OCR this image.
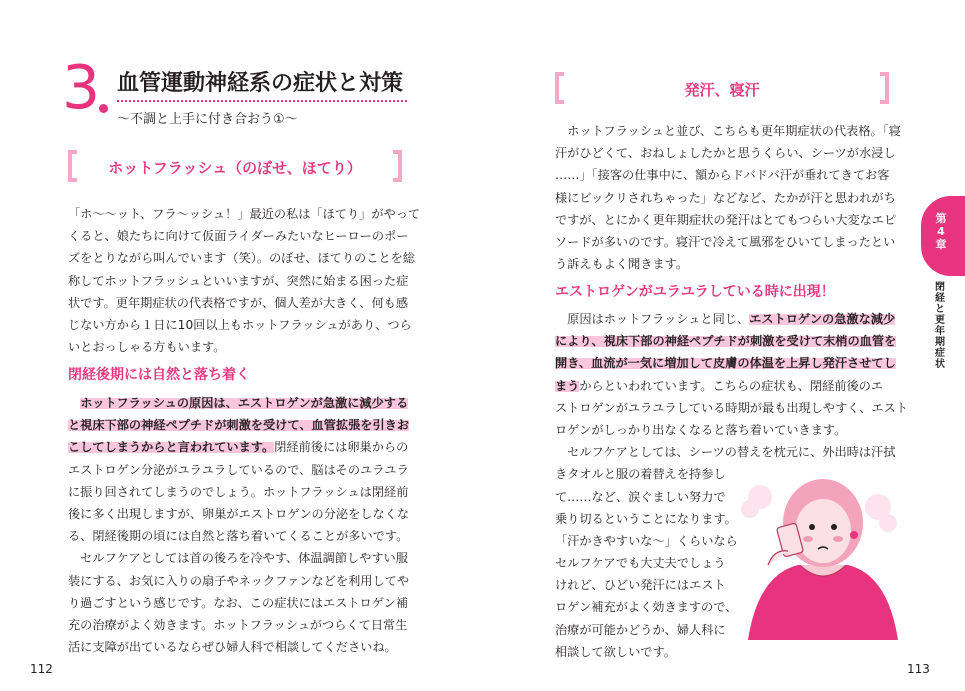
3 血管運動神経系の症状と対策
〜不調と上手に付き合おう①〜
ホットフラッシュ（のぼせ、ほてり）
「ホ〜〜ット、フラ〜ッシュ！」最近の私は「ほてり」がやって
くると、娘たちに向けて仮面ライダーみたいなヒーローのポー
ズをとりながら叫んでいます（笑）。のぼせ、ほてりのことを総
称してホットフラッシュといいますが、突然に始まる困った症
状です。更年期症状の代表格ですが、個人差が大きく、何も感
じない方から１日に10回以上もホットフラッシュがあり、つら
いとおっしゃる方もいます。
閉経後期には自然と落ち着く
　ホットフラッシュの原因は、エストロゲンが急激に減少する
と視床下部の神経ペプチドが刺激を受けて、血管拡張を引きお
こしてしまうからと言われています。閉経前後には卵巣からの
エストロゲン分泌がユラユラしているので、脳はそのユラユラ
に振り回されてしまうのでしょう。ホットフラッシュは閉経前
後に多く出現しますが、卵巣がエストロゲンの分泌をしなくな
る、閉経後期の頃には自然と落ち着いてくることが多いです。
　セルフケアとしては首の後ろを冷やす、体温調節しやすい服
装にする、お気に入りの扇子やネックファンなどを利用してや
り過ごすという感じです。なお、この症状にはエストロゲン補
充の治療がよく効きます。ホットフラッシュがつらくて日常生
活に支障が出ているならぜひ婦人科で相談してくださいね。
112
発汗、寝汗
　ホットフラッシュと並び、こちらも更年期症状の代表格。「寝
汗がひどくて、おねしょしたかと思うくらい、シーツが水浸し
……」「接客の仕事中に、額からドバドバ汗が垂れてきてお客
様にビックリされちゃった」などなど、たかが汗と思われがち
ですが、とにかく更年期症状の発汗はとてもつらい大変なエピ
ソードが多いのです。寝汗で冷えて風邪をひいてしまったとい
う訴えもよく聞きます。
エストロゲンがユラユラしている時に出現！
　原因はホットフラッシュと同じ、エストロゲンの急激な減少
により、視床下部の神経ペプチドが刺激を受けて末梢の血管を
開き、血流が一気に増加して皮膚の体温を上昇し発汗させてし
まうからといわれています。こちらの症状も、閉経前後のエ
ストロゲンがユラユラしている時期が最も出現しやすく、エスト
ロゲンがしっかり出なくなると落ち着いていきます。
　セルフケアとしては、シーツの替えを枕元に、外出時は汗拭
きタオルと服の着替えを持参し
て……など、涙ぐましい努力で
乗り切るということになります。
「汗かきやすいな〜」くらいなら
セルフケアでも大丈夫でしょう
けれど、ひどい発汗にはエスト
ロゲン補充がよく効きますので、
治療が可能かどうか、婦人科に
相談して欲しいです。
113
第4章
閉経と更年期症状
